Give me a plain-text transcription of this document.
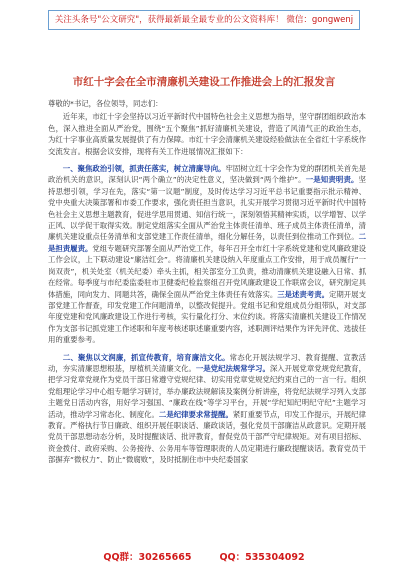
关注头条号"公文研究"，获得最新最全最专业的公文资料库！ 微信：gongwenj
市红十字会在全市清廉机关建设工作推进会上的汇报发言

尊敬的*书记，各位领导，同志们：

近年来，市红十字会坚持以习近平新时代中国特色社会主义思想为指导，坚守群团组织政治本色，深入推进全面从严治党，围绕“五个聚焦”抓好清廉机关建设，营造了风清气正的政治生态，为红十字事业高质量发展提供了有力保障。市红十字会清廉机关建设经验做法在全省红十字系统作交流发言。根据会议安排，现将有关工作进展情况汇报如下：

一、聚焦政治引领，抓责任落实，树立清廉导向。牢固树立红十字会作为党的群团机关首先是政治机关的意识，深刻认识“两个确立”的决定性意义，坚决做到“两个维护”。一是知责明责。坚持思想引领，学习在先，落实“第一议题”制度，及时传达学习习近平总书记重要指示批示精神、党中央重大决策部署和市委工作要求，强化责任担当意识，扎实开展学习贯彻习近平新时代中国特色社会主义思想主题教育，促进学思用贯通、知信行统一，深刻领悟其精神实质，以学增智、以学正风、以学促干取得实效。制定党组落实全面从严治党主体责任清单、班子成员主体责任清单，清廉机关建设重点任务清单和支部党建工作责任清单，细化分解任务，以责任到位推动工作到位。二是担责履责。党组专题研究部署全面从严治党工作，每年召开全市红十字系统党建和党风廉政建设工作会议，上下联动建设“廉洁红会”。将清廉机关建设纳入年度重点工作安排，用于成员履行“一岗双责”，机关处室（机关纪委）牵头主抓，相关部室分工负责，推动清廉机关建设融入日常、抓在经常。每季度与市纪委监委驻市卫健委纪检监察组召开党风廉政建设工作联席会议，研究制定具体措施，同向发力、同题共答，确保全面从严治党主体责任有效落实。三是述责考责。定期开展支部党建工作督查，印发党建工作问题清单，以整改促提升。党组书记和党组成员分组带队，对支部年度党建和党风廉政建设工作进行考核，实行量化打分、末位约谈。将落实清廉机关建设工作情况作为支部书记抓党建工作述职和年度考核述职述廉重要内容，述职测评结果作为评先评优、选拔任用的重要参考。

二、聚焦以文润廉，抓宣传教育，培育廉洁文化。常态化开展法规学习、教育提醒、宣教活动，夯实清廉思想根基，厚植机关清廉文化。一是党纪法规常学习。深入开展党章党规党纪教育，把学习党章党规作为党员干部日常遵守党规纪律、切实用党章党规党纪约束自己的一言一行。组织党组理论学习中心组专题学习研讨，举办廉政法规解读及案例分析讲座，将党纪法规学习列入支部主题党日活动内容，用好学习强国、“廉政在线”等学习平台，开展“学纪知纪明纪守纪”主题学习活动，推动学习常态化、制度化。二是纪律要求常提醒。紧盯重要节点，印发工作提示，开展纪律教育。严格执行节日廉政、组织开展任职谈话、廉政谈话，强化党员干部廉洁从政意识。定期开展党员干部思想动态分析，及时提醒谈话、批评教育，督促党员干部严守纪律规矩。对有项目招标、资金拨付、政府采购、公务接待、公务用车等管理职责的人员定期进行廉政提醒谈话。教育党员干部摒弃“微权力”、防止“微腐败”，及时抵制住市中央纪委国家

QQ群：30265665	QQ：535304092
